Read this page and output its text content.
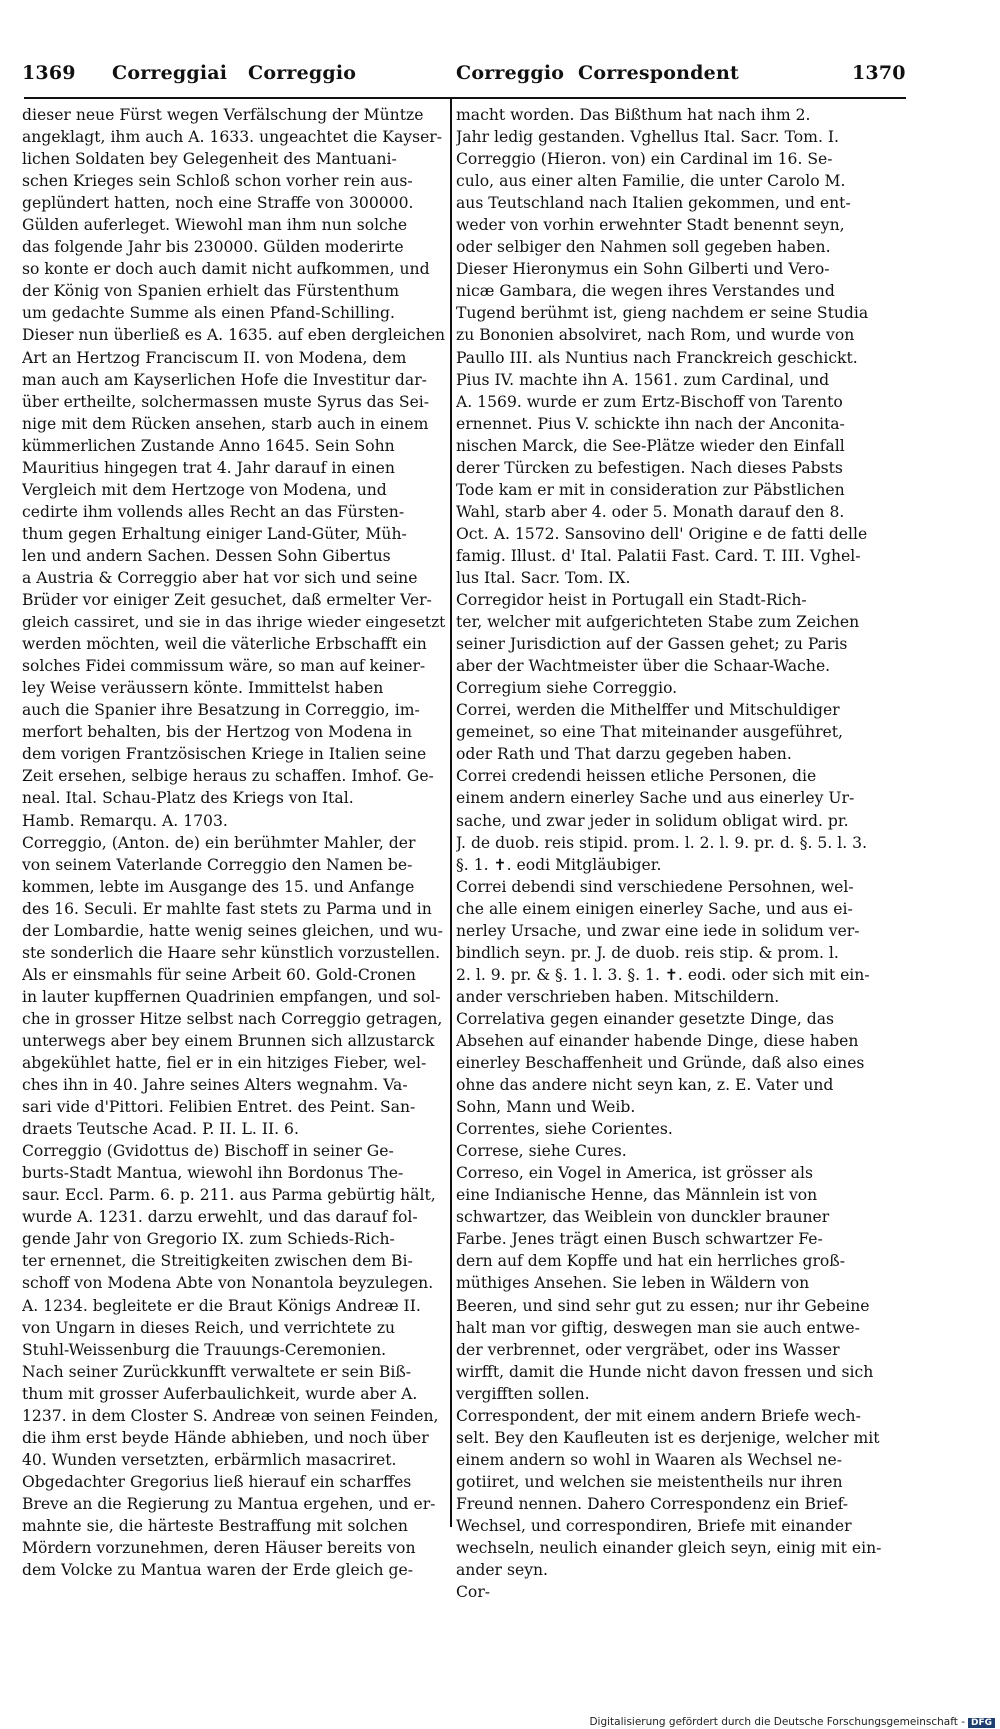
1369 Correggiai Correggio	Correggio Correspondent	1370
dieser neue Fürst wegen Verfälschung der Müntze
angeklagt, ihm auch A. 1633. ungeachtet die Kayser-
lichen Soldaten bey Gelegenheit des Mantuani-
schen Krieges sein Schloß schon vorher rein aus-
geplündert hatten, noch eine Straffe von 300000.
Gülden auferleget. Wiewohl man ihm nun solche
das folgende Jahr bis 230000. Gülden moderirte
so konte er doch auch damit nicht aufkommen, und
der König von Spanien erhielt das Fürstenthum
um gedachte Summe als einen Pfand-Schilling.
Dieser nun überließ es A. 1635. auf eben dergleichen
Art an Hertzog Franciscum II. von Modena, dem
man auch am Kayserlichen Hofe die Investitur dar-
über ertheilte, solchermassen muste Syrus das Sei-
nige mit dem Rücken ansehen, starb auch in einem
kümmerlichen Zustande Anno 1645. Sein Sohn
Mauritius hingegen trat 4. Jahr darauf in einen
Vergleich mit dem Hertzoge von Modena, und
cedirte ihm vollends alles Recht an das Fürsten-
thum gegen Erhaltung einiger Land-Güter, Müh-
len und andern Sachen. Dessen Sohn Gibertus
a Austria & Correggio aber hat vor sich und seine
Brüder vor einiger Zeit gesuchet, daß ermelter Ver-
gleich cassiret, und sie in das ihrige wieder eingesetzt
werden möchten, weil die väterliche Erbschafft ein
solches Fidei commissum wäre, so man auf keiner-
ley Weise veräussern könte. Immittelst haben
auch die Spanier ihre Besatzung in Correggio, im-
merfort behalten, bis der Hertzog von Modena in
dem vorigen Frantzösischen Kriege in Italien seine
Zeit ersehen, selbige heraus zu schaffen. Imhof. Ge-
neal. Ital. Schau-Platz des Kriegs von Ital.
Hamb. Remarqu. A. 1703.
Correggio, (Anton. de) ein berühmter Mahler, der
von seinem Vaterlande Correggio den Namen be-
kommen, lebte im Ausgange des 15. und Anfange
des 16. Seculi. Er mahlte fast stets zu Parma und in
der Lombardie, hatte wenig seines gleichen, und wu-
ste sonderlich die Haare sehr künstlich vorzustellen.
Als er einsmahls für seine Arbeit 60. Gold-Cronen
in lauter kupffernen Quadrinien empfangen, und sol-
che in grosser Hitze selbst nach Correggio getragen,
unterwegs aber bey einem Brunnen sich allzustarck
abgekühlet hatte, fiel er in ein hitziges Fieber, wel-
ches ihn in 40. Jahre seines Alters wegnahm. Va-
sari vide d'Pittori. Felibien Entret. des Peint. San-
draets Teutsche Acad. P. II. L. II. 6.
Correggio (Gvidottus de) Bischoff in seiner Ge-
burts-Stadt Mantua, wiewohl ihn Bordonus The-
saur. Eccl. Parm. 6. p. 211. aus Parma gebürtig hält,
wurde A. 1231. darzu erwehlt, und das darauf fol-
gende Jahr von Gregorio IX. zum Schieds-Rich-
ter ernennet, die Streitigkeiten zwischen dem Bi-
schoff von Modena Abte von Nonantola beyzulegen.
A. 1234. begleitete er die Braut Königs Andreæ II.
von Ungarn in dieses Reich, und verrichtete zu
Stuhl-Weissenburg die Trauungs-Ceremonien.
Nach seiner Zurückkunfft verwaltete er sein Biß-
thum mit grosser Auferbaulichkeit, wurde aber A.
1237. in dem Closter S. Andreæ von seinen Feinden,
die ihm erst beyde Hände abhieben, und noch über
40. Wunden versetzten, erbärmlich masacriret.
Obgedachter Gregorius ließ hierauf ein scharffes
Breve an die Regierung zu Mantua ergehen, und er-
mahnte sie, die härteste Bestraffung mit solchen
Mördern vorzunehmen, deren Häuser bereits von
dem Volcke zu Mantua waren der Erde gleich ge-
macht worden. Das Bißthum hat nach ihm 2.
Jahr ledig gestanden. Vghellus Ital. Sacr. Tom. I.
Correggio (Hieron. von) ein Cardinal im 16. Se-
culo, aus einer alten Familie, die unter Carolo M.
aus Teutschland nach Italien gekommen, und ent-
weder von vorhin erwehnter Stadt benennt seyn,
oder selbiger den Nahmen soll gegeben haben.
Dieser Hieronymus ein Sohn Gilberti und Vero-
nicæ Gambara, die wegen ihres Verstandes und
Tugend berühmt ist, gieng nachdem er seine Studia
zu Bononien absolviret, nach Rom, und wurde von
Paullo III. als Nuntius nach Franckreich geschickt.
Pius IV. machte ihn A. 1561. zum Cardinal, und
A. 1569. wurde er zum Ertz-Bischoff von Tarento
ernennet. Pius V. schickte ihn nach der Anconita-
nischen Marck, die See-Plätze wieder den Einfall
derer Türcken zu befestigen. Nach dieses Pabsts
Tode kam er mit in consideration zur Päbstlichen
Wahl, starb aber 4. oder 5. Monath darauf den 8.
Oct. A. 1572. Sansovino dell' Origine e de fatti delle
famig. Illust. d' Ital. Palatii Fast. Card. T. III. Vghel-
lus Ital. Sacr. Tom. IX.
Corregidor heist in Portugall ein Stadt-Rich-
ter, welcher mit aufgerichteten Stabe zum Zeichen
seiner Jurisdiction auf der Gassen gehet; zu Paris
aber der Wachtmeister über die Schaar-Wache.
Corregium siehe Correggio.
Correi, werden die Mithelffer und Mitschuldiger
gemeinet, so eine That miteinander ausgeführet,
oder Rath und That darzu gegeben haben.
Correi credendi heissen etliche Personen, die
einem andern einerley Sache und aus einerley Ur-
sache, und zwar jeder in solidum obligat wird. pr.
J. de duob. reis stipid. prom. l. 2. l. 9. pr. d. §. 5. l. 3.
§. 1. ✝. eodi Mitgläubiger.
Correi debendi sind verschiedene Persohnen, wel-
che alle einem einigen einerley Sache, und aus ei-
nerley Ursache, und zwar eine iede in solidum ver-
bindlich seyn. pr. J. de duob. reis stip. & prom. l.
2. l. 9. pr. & §. 1. l. 3. §. 1. ✝. eodi. oder sich mit ein-
ander verschrieben haben. Mitschildern.
Correlativa gegen einander gesetzte Dinge, das
Absehen auf einander habende Dinge, diese haben
einerley Beschaffenheit und Gründe, daß also eines
ohne das andere nicht seyn kan, z. E. Vater und
Sohn, Mann und Weib.
Correntes, siehe Corientes.
Correse, siehe Cures.
Correso, ein Vogel in America, ist grösser als
eine Indianische Henne, das Männlein ist von
schwartzer, das Weiblein von dunckler brauner
Farbe. Jenes trägt einen Busch schwartzer Fe-
dern auf dem Kopffe und hat ein herrliches groß-
müthiges Ansehen. Sie leben in Wäldern von
Beeren, und sind sehr gut zu essen; nur ihr Gebeine
halt man vor giftig, deswegen man sie auch entwe-
der verbrennet, oder vergräbet, oder ins Wasser
wirfft, damit die Hunde nicht davon fressen und sich
vergifften sollen.
Correspondent, der mit einem andern Briefe wech-
selt. Bey den Kaufleuten ist es derjenige, welcher mit
einem andern so wohl in Waaren als Wechsel ne-
gotiiret, und welchen sie meistentheils nur ihren
Freund nennen. Dahero Correspondenz ein Brief-
Wechsel, und correspondiren, Briefe mit einander
wechseln, neulich einander gleich seyn, einig mit ein-
ander seyn.
Cor-
Digitalisierung gefördert durch die Deutsche Forschungsgemeinschaft - DFG
